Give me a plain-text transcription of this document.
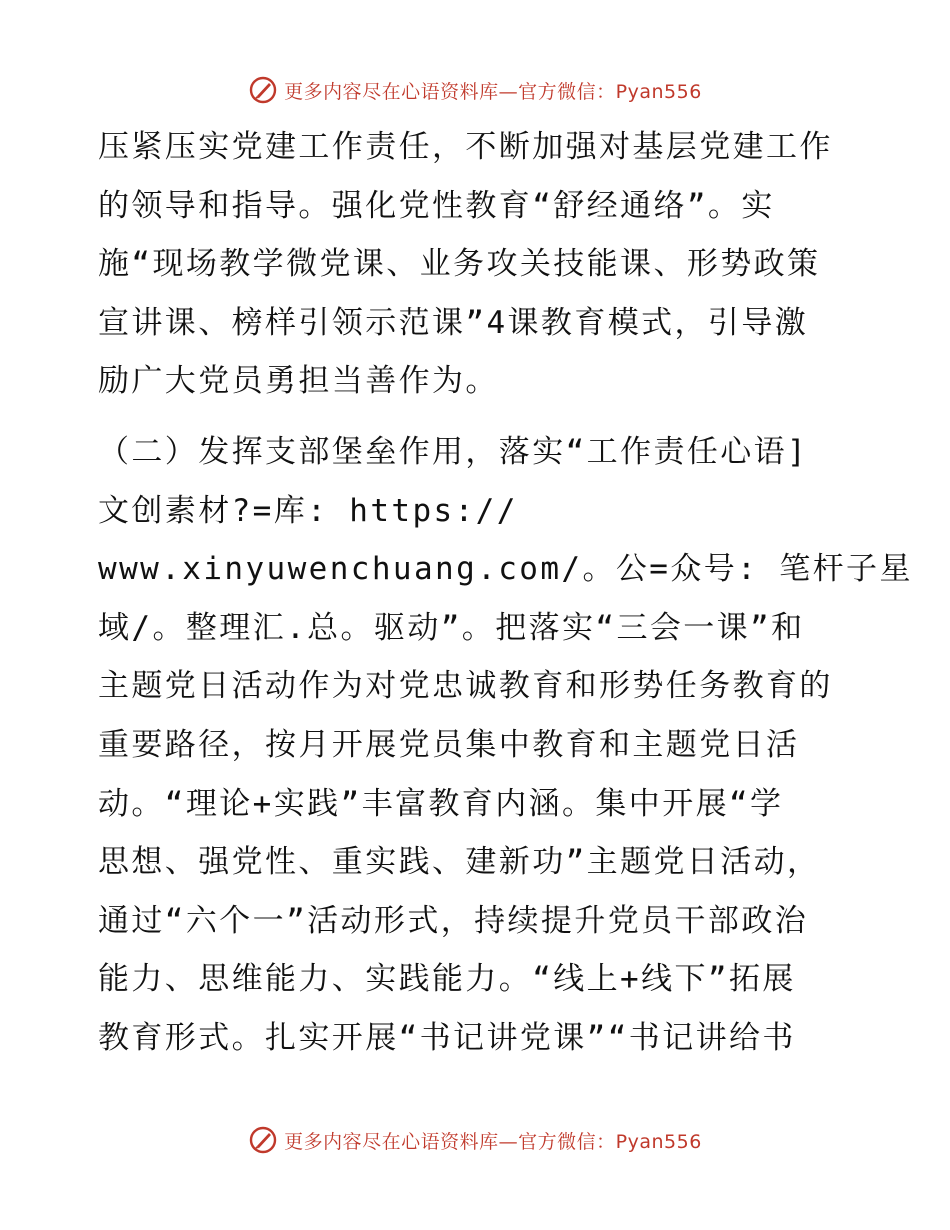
更多内容尽在心语资料库—官方微信：Pyan556
压紧压实党建工作责任，不断加强对基层党建工作
的领导和指导。强化党性教育“舒经通络”。实
施“现场教学微党课、业务攻关技能课、形势政策
宣讲课、榜样引领示范课”4课教育模式，引导激
励广大党员勇担当善作为。
（二）发挥支部堡垒作用，落实“工作责任心语]
文创素材?=库: https://
www.xinyuwenchuang.com/。公=众号: 笔杆子星
域/。整理汇.总。驱动”。把落实“三会一课”和
主题党日活动作为对党忠诚教育和形势任务教育的
重要路径，按月开展党员集中教育和主题党日活
动。“理论+实践”丰富教育内涵。集中开展“学
思想、强党性、重实践、建新功”主题党日活动，
通过“六个一”活动形式，持续提升党员干部政治
能力、思维能力、实践能力。“线上+线下”拓展
教育形式。扎实开展“书记讲党课”“书记讲给书
更多内容尽在心语资料库—官方微信：Pyan556
